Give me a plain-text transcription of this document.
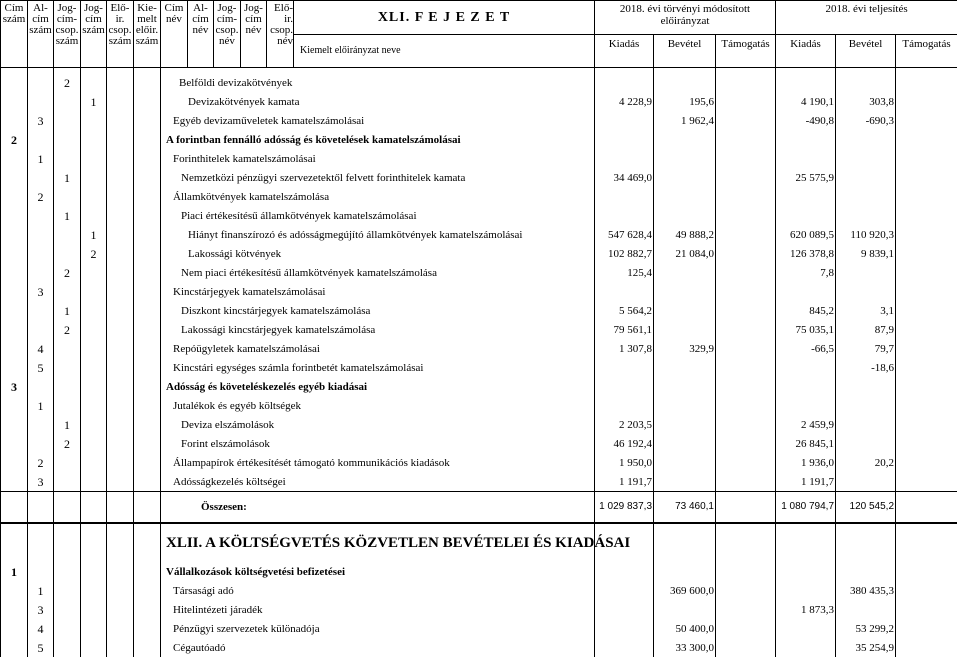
Cím szám	Al-cím szám	Jog-cím-csop. szám	Jog-cím szám	Elő-ir. csop. szám	Kie-melt előir. szám	Cím név	Al-cím név	Jog-cím-csop. név	Jog-cím név	Elő-ir. csop. név	XLI. F E J E Z E T	2018. évi törvényi módosított előirányzat			2018. évi teljesítés		
											Kiemelt előirányzat neve	Kiadás	Bevétel	Támogatás	Kiadás	Bevétel	Támogatás

		2				Belföldi devizakötvények											
			1			Devizakötvények kamata						4 228,9	195,6		4 190,1	303,8	
	3					Egyéb devizaműveletek kamatelszámolásai							1 962,4		-490,8	-690,3	
2						A forintban fennálló adósság és követelések kamatelszámolásai											
	1					Forinthitelek kamatelszámolásai											
		1				Nemzetközi pénzügyi szervezetektől felvett forinthitelek kamata						34 469,0			25 575,9		
	2					Államkötvények kamatelszámolása											
		1				Piaci értékesítésű államkötvények kamatelszámolásai											
			1			Hiányt finanszírozó és adósságmegújító államkötvények kamatelszámolásai						547 628,4	49 888,2		620 089,5	110 920,3	
			2			Lakossági kötvények						102 882,7	21 084,0		126 378,8	9 839,1	
		2				Nem piaci értékesítésű államkötvények kamatelszámolása						125,4			7,8		
	3					Kincstárjegyek kamatelszámolásai											
		1				Diszkont kincstárjegyek kamatelszámolása						5 564,2			845,2	3,1	
		2				Lakossági kincstárjegyek kamatelszámolása						79 561,1			75 035,1	87,9	
	4					Repóügyletek kamatelszámolásai						1 307,8	329,9		-66,5	79,7	
	5					Kincstári egységes számla forintbetét kamatelszámolásai										-18,6	
3						Adósság és követeléskezelés egyéb kiadásai											
	1					Jutalékok és egyéb költségek											
		1				Deviza elszámolások						2 203,5			2 459,9		
		2				Forint elszámolások						46 192,4			26 845,1		
	2					Állampapírok értékesítését támogató kommunikációs kiadások						1 950,0			1 936,0	20,2	
	3					Adósságkezelés költségei						1 191,7			1 191,7		
						Összesen:						1 029 837,3	73 460,1		1 080 794,7	120 545,2	
						XLII. A KÖLTSÉGVETÉS KÖZVETLEN BEVÉTELEI ÉS KIADÁSAI											
1						Vállalkozások költségvetési befizetései											
	1					Társasági adó							369 600,0			380 435,3	
	3					Hitelintézeti járadék									1 873,3		
	4					Pénzügyi szervezetek különadója							50 400,0			53 299,2	
	5					Cégautóadó							33 300,0			35 254,9	
